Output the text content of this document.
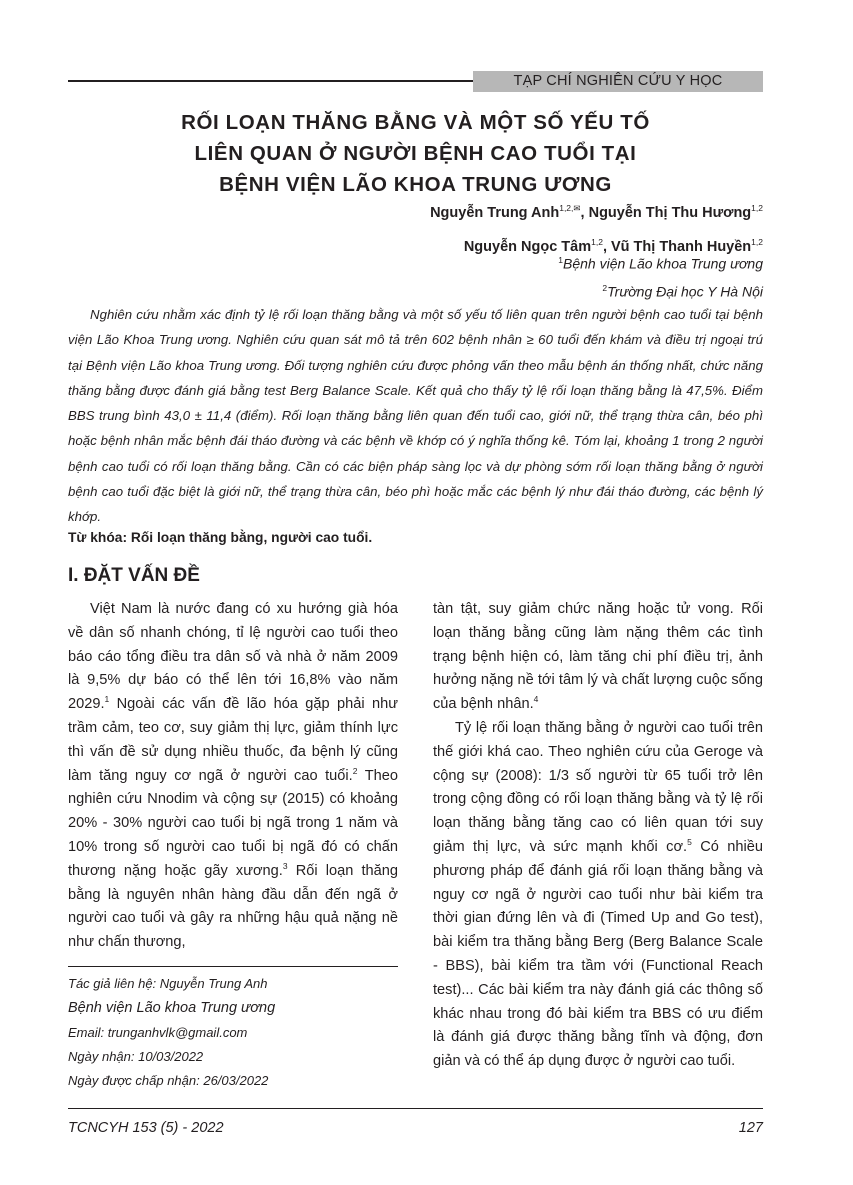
TẠP CHÍ NGHIÊN CỨU Y HỌC
RỐI LOẠN THĂNG BẰNG VÀ MỘT SỐ YẾU TỐ
LIÊN QUAN Ở NGƯỜI BỆNH CAO TUỔI TẠI
BỆNH VIỆN LÃO KHOA TRUNG ƯƠNG
Nguyễn Trung Anh$^{1,2,✉}$, Nguyễn Thị Thu Hương$^{1,2}$
Nguyễn Ngọc Tâm$^{1,2}$, Vũ Thị Thanh Huyền$^{1,2}$
$^1$Bệnh viện Lão khoa Trung ương
$^2$Trường Đại học Y Hà Nội
Nghiên cứu nhằm xác định tỷ lệ rối loạn thăng bằng và một số yếu tố liên quan trên người bệnh cao tuổi tại bệnh viện Lão Khoa Trung ương. Nghiên cứu quan sát mô tả trên 602 bệnh nhân ≥ 60 tuổi đến khám và điều trị ngoại trú tại Bệnh viện Lão khoa Trung ương. Đối tượng nghiên cứu được phỏng vấn theo mẫu bệnh án thống nhất, chức năng thăng bằng được đánh giá bằng test Berg Balance Scale. Kết quả cho thấy tỷ lệ rối loạn thăng bằng là 47,5%. Điểm BBS trung bình 43,0 ± 11,4 (điểm). Rối loạn thăng bằng liên quan đến tuổi cao, giới nữ, thể trạng thừa cân, béo phì hoặc bệnh nhân mắc bệnh đái tháo đường và các bệnh về khớp có ý nghĩa thống kê. Tóm lại, khoảng 1 trong 2 người bệnh cao tuổi có rối loạn thăng bằng. Cần có các biện pháp sàng lọc và dự phòng sớm rối loạn thăng bằng ở người bệnh cao tuổi đặc biệt là giới nữ, thể trạng thừa cân, béo phì hoặc mắc các bệnh lý như đái tháo đường, các bệnh lý khớp.
Từ khóa: Rối loạn thăng bằng, người cao tuổi.
I. ĐẶT VẤN ĐỀ

Việt Nam là nước đang có xu hướng già hóa về dân số nhanh chóng, tỉ lệ người cao tuổi theo báo cáo tổng điều tra dân số và nhà ở năm 2009 là 9,5% dự báo có thể lên tới 16,8% vào năm 2029.$^1$ Ngoài các vấn đề lão hóa gặp phải như trầm cảm, teo cơ, suy giảm thị lực, giảm thính lực thì vấn đề sử dụng nhiều thuốc, đa bệnh lý cũng làm tăng nguy cơ ngã ở người cao tuổi.$^2$ Theo nghiên cứu Nnodim và cộng sự (2015) có khoảng 20% - 30% người cao tuổi bị ngã trong 1 năm và 10% trong số người cao tuổi bị ngã đó có chấn thương nặng hoặc gãy xương.$^3$ Rối loạn thăng bằng là nguyên nhân hàng đầu dẫn đến ngã ở người cao tuổi và gây ra những hậu quả nặng nề như chấn thương,

Tác giả liên hệ: Nguyễn Trung Anh
Bệnh viện Lão khoa Trung ương
Email: trunganhvlk@gmail.com
Ngày nhận: 10/03/2022
Ngày được chấp nhận: 26/03/2022

tàn tật, suy giảm chức năng hoặc tử vong. Rối loạn thăng bằng cũng làm nặng thêm các tình trạng bệnh hiện có, làm tăng chi phí điều trị, ảnh hưởng nặng nề tới tâm lý và chất lượng cuộc sống của bệnh nhân.$^4$

Tỷ lệ rối loạn thăng bằng ở người cao tuổi trên thế giới khá cao. Theo nghiên cứu của Geroge và cộng sự (2008): 1/3 số người từ 65 tuổi trở lên trong cộng đồng có rối loạn thăng bằng và tỷ lệ rối loạn thăng bằng tăng cao có liên quan tới suy giảm thị lực, và sức mạnh khối cơ.$^5$ Có nhiều phương pháp để đánh giá rối loạn thăng bằng và nguy cơ ngã ở người cao tuổi như bài kiểm tra thời gian đứng lên và đi (Timed Up and Go test), bài kiểm tra thăng bằng Berg (Berg Balance Scale - BBS), bài kiểm tra tầm với (Functional Reach test)... Các bài kiểm tra này đánh giá các thông số khác nhau trong đó bài kiểm tra BBS có ưu điểm là đánh giá được thăng bằng tĩnh và động, đơn giản và có thể áp dụng được ở người cao tuổi.

TCNCYH 153 (5) - 2022	127
